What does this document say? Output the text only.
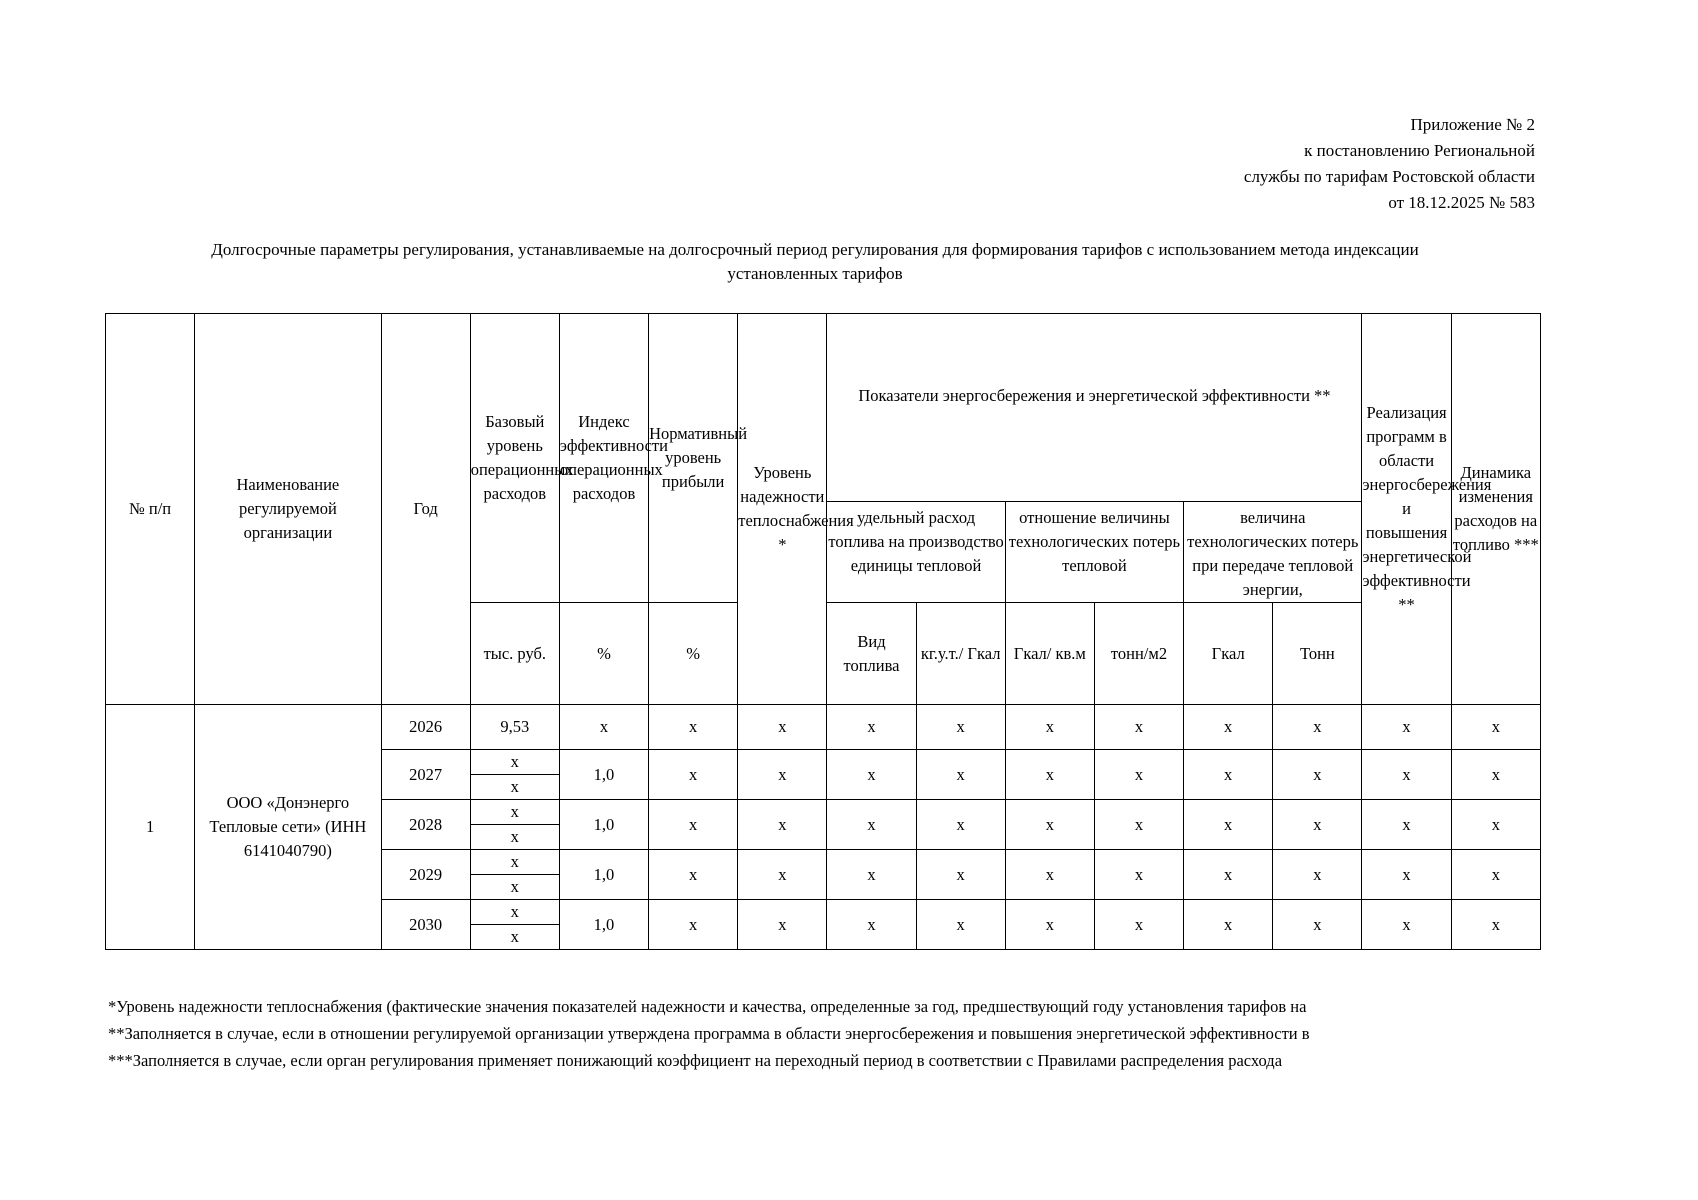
Приложение № 2
к постановлению Региональной
службы по тарифам Ростовской области
от 18.12.2025 № 583
Долгосрочные параметры регулирования, устанавливаемые на долгосрочный период регулирования для формирования тарифов с использованием метода индексации
установленных тарифов
№ п/п	Наименование регулируемой организации	Год	Базовый уровень операционных расходов	Индекс эффективности операционных расходов	Нормативный уровень прибыли	Уровень надежности теплоснабжения *	Показатели энергосбережения и энергетической эффективности **						Реализация программ в области энергосбережения и повышения энергетической эффективности **	Динамика изменения расходов на топливо ***
							удельный расход топлива на производство единицы тепловой		отношение величины технологических потерь тепловой		величина технологических потерь при передаче тепловой энергии,			
			тыс. руб.	%	%		Вид топлива	кг.у.т./ Гкал	Гкал/ кв.м	тонн/м2	Гкал	Тонн		
1	ООО «Донэнерго Тепловые сети» (ИНН 6141040790)	2026	9,53	x	x	x	x	x	x	x	x	x	x	x
		2027	x	1,0	x	x	x	x	x	x	x	x	x	x
			x											
		2028	x	1,0	x	x	x	x	x	x	x	x	x	x
			x											
		2029	x	1,0	x	x	x	x	x	x	x	x	x	x
			x											
		2030	x	1,0	x	x	x	x	x	x	x	x	x	x
			x											
*Уровень надежности теплоснабжения (фактические значения показателей надежности и качества, определенные за год, предшествующий году установления тарифов на
**Заполняется в случае, если в отношении регулируемой организации утверждена программа в области энергосбережения и повышения энергетической эффективности в
***Заполняется в случае, если орган регулирования применяет понижающий коэффициент на переходный период в соответствии с Правилами распределения расхода
